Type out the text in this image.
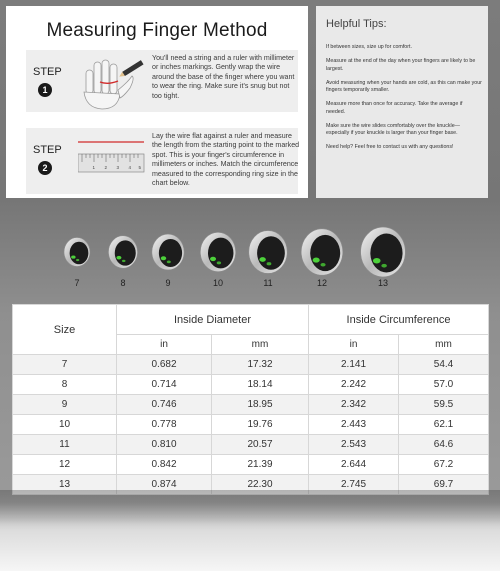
Measuring Finger Method
STEP
1
You'll need a string and a ruler with millimeter or inches markings. Gently wrap the wire around the base of the finger where you want to wear the ring. Make sure it's snug but not too tight.
STEP
2	1 2 3 4 5
Lay the wire flat against a ruler and measure the length from the starting point to the marked spot. This is your finger's circumference in millimeters or inches. Match the circumference measured to the corresponding ring size in the chart below.
Helpful Tips:
If between sizes, size up for comfort.
Measure at the end of the day when your fingers are likely to be largest.
Avoid measuring when your hands are cold, as this can make your fingers temporarily smaller.
Measure more than once for accuracy. Take the average if needed.
Make sure the wire slides comfortably over the knuckle—especially if your knuckle is larger than your finger base.
Need help? Feel free to contact us with any questions!
7	8	9	10	11	12	13
Size	Inside Diameter		Inside Circumference	
	in	mm	in	mm
7	0.682	17.32	2.141	54.4
8	0.714	18.14	2.242	57.0
9	0.746	18.95	2.342	59.5
10	0.778	19.76	2.443	62.1
11	0.810	20.57	2.543	64.6
12	0.842	21.39	2.644	67.2
13	0.874	22.30	2.745	69.7
